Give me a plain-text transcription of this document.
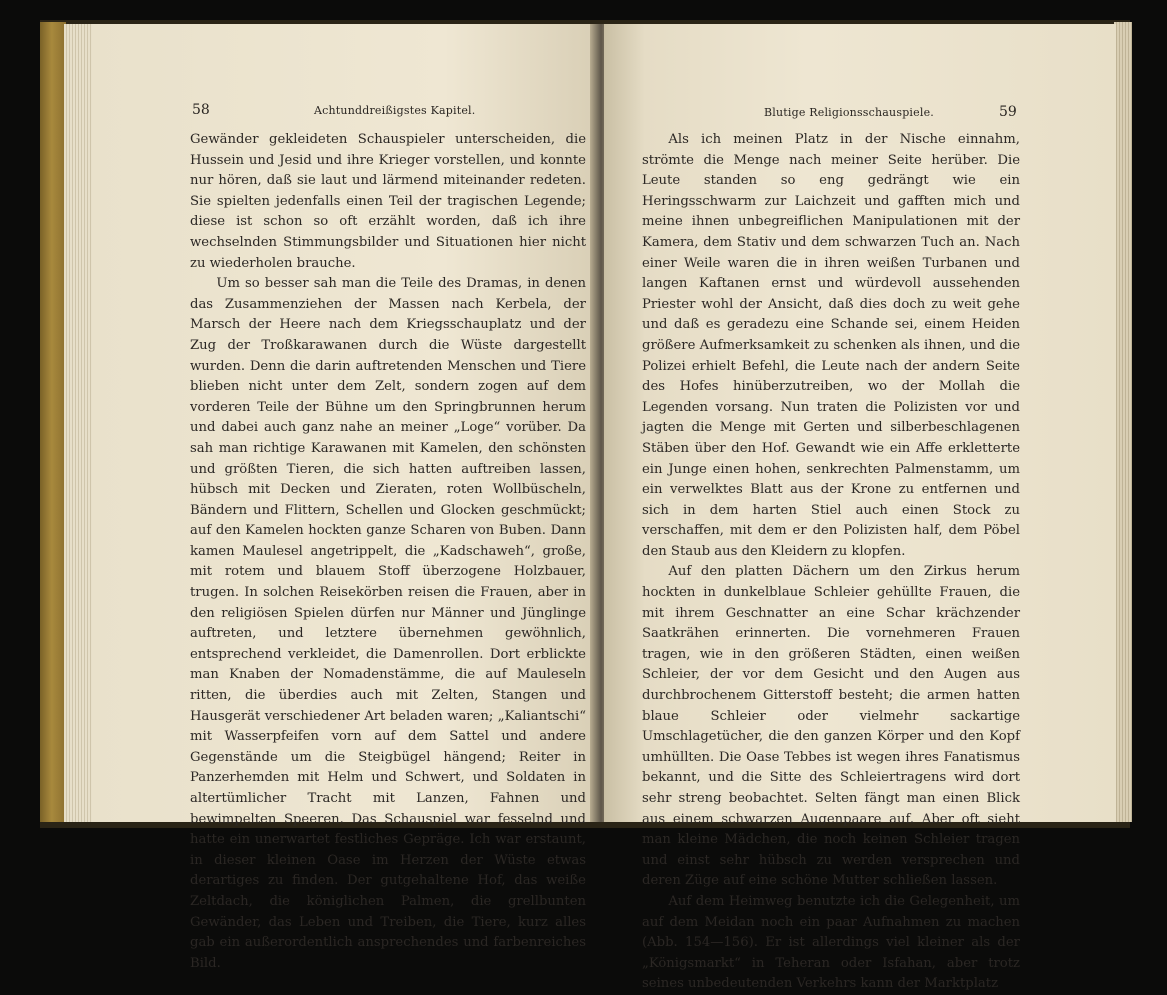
58	Achtunddreißigstes Kapitel.

Gewänder gekleideten Schauspieler unterscheiden, die Hussein und Jesid und ihre Krieger vorstellen, und konnte nur hören, daß sie laut und lärmend miteinander redeten. Sie spielten jedenfalls einen Teil der tragischen Legende; diese ist schon so oft erzählt worden, daß ich ihre wechselnden Stimmungsbilder und Situationen hier nicht zu wiederholen brauche.

Um so besser sah man die Teile des Dramas, in denen das Zusammenziehen der Massen nach Kerbela, der Marsch der Heere nach dem Kriegsschauplatz und der Zug der Troßkarawanen durch die Wüste dargestellt wurden. Denn die darin auftretenden Menschen und Tiere blieben nicht unter dem Zelt, sondern zogen auf dem vorderen Teile der Bühne um den Springbrunnen herum und dabei auch ganz nahe an meiner „Loge“ vorüber. Da sah man richtige Karawanen mit Kamelen, den schönsten und größten Tieren, die sich hatten auftreiben lassen, hübsch mit Decken und Zieraten, roten Wollbüscheln, Bändern und Flittern, Schellen und Glocken geschmückt; auf den Kamelen hockten ganze Scharen von Buben. Dann kamen Maulesel angetrippelt, die „Kadschaweh“, große, mit rotem und blauem Stoff überzogene Holzbauer, trugen. In solchen Reisekörben reisen die Frauen, aber in den religiösen Spielen dürfen nur Männer und Jünglinge auftreten, und letztere übernehmen gewöhnlich, entsprechend verkleidet, die Damenrollen. Dort erblickte man Knaben der Nomadenstämme, die auf Mauleseln ritten, die überdies auch mit Zelten, Stangen und Hausgerät verschiedener Art beladen waren; „Kaliantschi“ mit Wasserpfeifen vorn auf dem Sattel und andere Gegenstände um die Steigbügel hängend; Reiter in Panzerhemden mit Helm und Schwert, und Soldaten in altertümlicher Tracht mit Lanzen, Fahnen und bewimpelten Speeren. Das Schauspiel war fesselnd und hatte ein unerwartet festliches Gepräge. Ich war erstaunt, in dieser kleinen Oase im Herzen der Wüste etwas derartiges zu finden. Der gutgehaltene Hof, das weiße Zeltdach, die königlichen Palmen, die grellbunten Gewänder, das Leben und Treiben, die Tiere, kurz alles gab ein außerordentlich ansprechendes und farbenreiches Bild.

Blutige Religionsschauspiele.	59

Als ich meinen Platz in der Nische einnahm, strömte die Menge nach meiner Seite herüber. Die Leute standen so eng gedrängt wie ein Heringsschwarm zur Laichzeit und gafften mich und meine ihnen unbegreiflichen Manipulationen mit der Kamera, dem Stativ und dem schwarzen Tuch an. Nach einer Weile waren die in ihren weißen Turbanen und langen Kaftanen ernst und würdevoll aussehenden Priester wohl der Ansicht, daß dies doch zu weit gehe und daß es geradezu eine Schande sei, einem Heiden größere Aufmerksamkeit zu schenken als ihnen, und die Polizei erhielt Befehl, die Leute nach der andern Seite des Hofes hinüberzutreiben, wo der Mollah die Legenden vorsang. Nun traten die Polizisten vor und jagten die Menge mit Gerten und silberbeschlagenen Stäben über den Hof. Gewandt wie ein Affe erkletterte ein Junge einen hohen, senkrechten Palmenstamm, um ein verwelktes Blatt aus der Krone zu entfernen und sich in dem harten Stiel auch einen Stock zu verschaffen, mit dem er den Polizisten half, dem Pöbel den Staub aus den Kleidern zu klopfen.

Auf den platten Dächern um den Zirkus herum hockten in dunkelblaue Schleier gehüllte Frauen, die mit ihrem Geschnatter an eine Schar krächzender Saatkrähen erinnerten. Die vornehmeren Frauen tragen, wie in den größeren Städten, einen weißen Schleier, der vor dem Gesicht und den Augen aus durchbrochenem Gitterstoff besteht; die armen hatten blaue Schleier oder vielmehr sackartige Umschlagetücher, die den ganzen Körper und den Kopf umhüllten. Die Oase Tebbes ist wegen ihres Fanatismus bekannt, und die Sitte des Schleiertragens wird dort sehr streng beobachtet. Selten fängt man einen Blick aus einem schwarzen Augenpaare auf. Aber oft sieht man kleine Mädchen, die noch keinen Schleier tragen und einst sehr hübsch zu werden versprechen und deren Züge auf eine schöne Mutter schließen lassen.

Auf dem Heimweg benutzte ich die Gelegenheit, um auf dem Meidan noch ein paar Aufnahmen zu machen (Abb. 154—156). Er ist allerdings viel kleiner als der „Königsmarkt“ in Teheran oder Isfahan, aber trotz seines unbedeutenden Verkehrs kann der Marktplatz
